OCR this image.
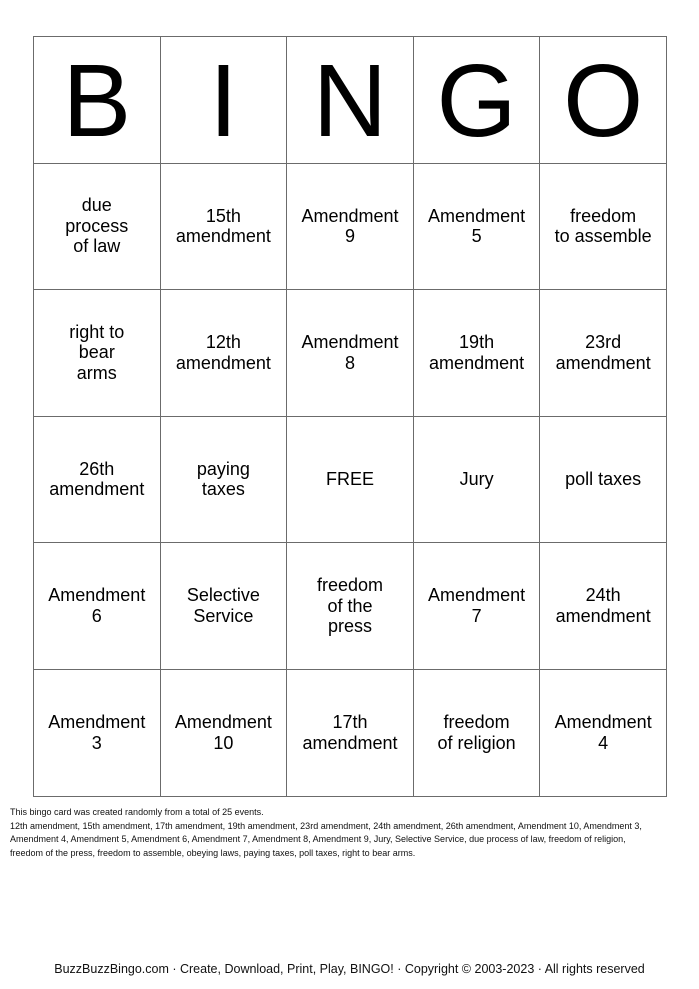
B	I	N	G	O

due
process
of law	15th
amendment	Amendment
9	Amendment
5	freedom
to assemble

right to
bear
arms	12th
amendment	Amendment
8	19th
amendment	23rd
amendment

26th
amendment	paying
taxes	FREE	Jury	poll taxes

Amendment
6	Selective
Service	freedom
of the
press	Amendment
7	24th
amendment

Amendment
3	Amendment
10	17th
amendment	freedom
of religion	Amendment
4
This bingo card was created randomly from a total of 25 events.
12th amendment, 15th amendment, 17th amendment, 19th amendment, 23rd amendment, 24th amendment, 26th amendment, Amendment 10, Amendment 3,
Amendment 4, Amendment 5, Amendment 6, Amendment 7, Amendment 8, Amendment 9, Jury, Selective Service, due process of law, freedom of religion,
freedom of the press, freedom to assemble, obeying laws, paying taxes, poll taxes, right to bear arms.
BuzzBuzzBingo.com · Create, Download, Print, Play, BINGO! · Copyright © 2003-2023 · All rights reserved
